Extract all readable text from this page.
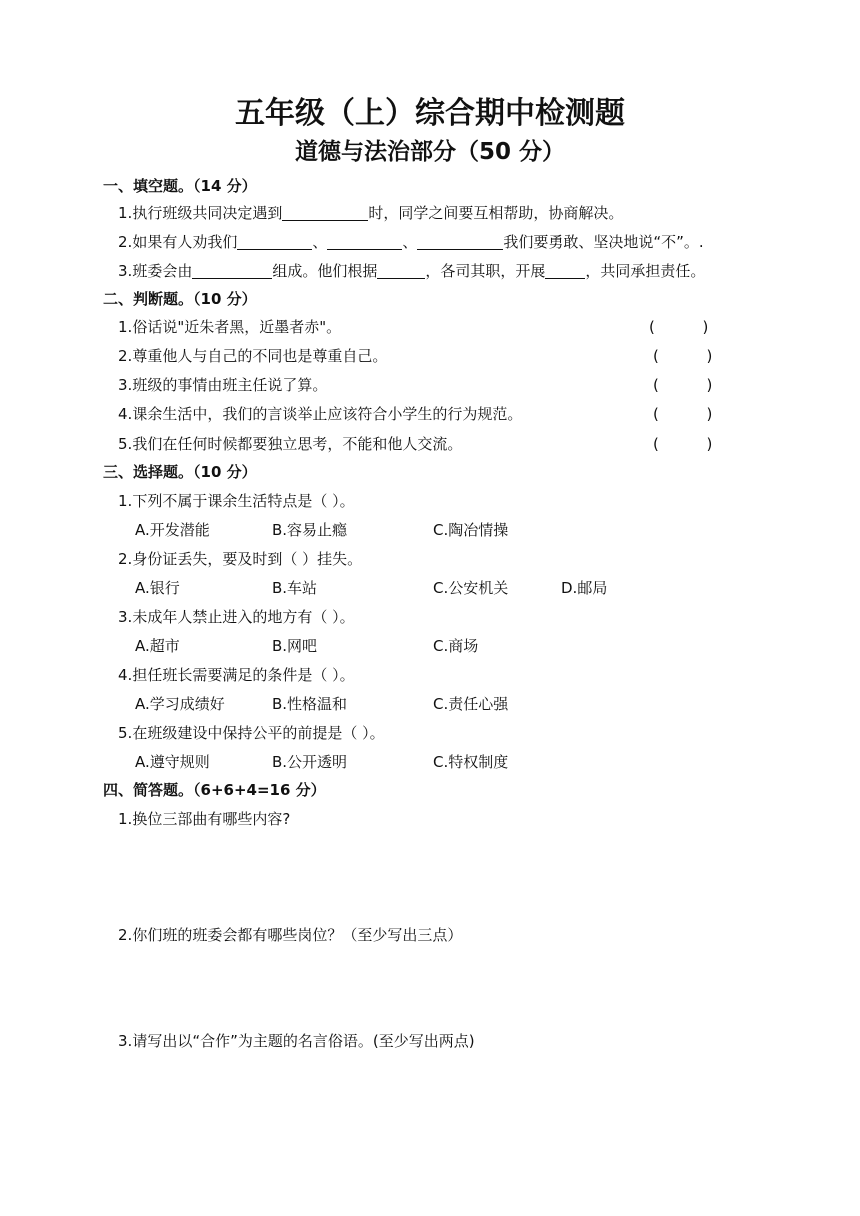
五年级（上）综合期中检测题
道德与法治部分（50 分）
一、填空题。（14 分）
1.执行班级共同决定遇到	时，同学之间要互相帮助，协商解决。
2.如果有人劝我们	、	、	我们要勇敢、坚决地说“不”。.
3.班委会由	组成。他们根据	，各司其职，开展	，共同承担责任。
二、判断题。（10 分）
1.俗话说"近朱者黑，近墨者赤"。	(          )
2.尊重他人与自己的不同也是尊重自己。	(          )
3.班级的事情由班主任说了算。	(          )
4.课余生活中，我们的言谈举止应该符合小学生的行为规范。	(          )
5.我们在任何时候都要独立思考，不能和他人交流。	(          )
三、选择题。（10 分）
1.下列不属于课余生活特点是（ ）。
A.开发潜能	B.容易止瘾	C.陶冶情操
2.身份证丢失，要及时到（ ）挂失。
A.银行	B.车站	C.公安机关	D.邮局
3.未成年人禁止进入的地方有（ ）。
A.超市	B.网吧	C.商场
4.担任班长需要满足的条件是（ ）。
A.学习成绩好	B.性格温和	C.责任心强
5.在班级建设中保持公平的前提是（ ）。
A.遵守规则	B.公开透明	C.特权制度
四、简答题。（6+6+4=16 分）
1.换位三部曲有哪些内容?
2.你们班的班委会都有哪些岗位？（至少写出三点）
3.请写出以“合作”为主题的名言俗语。(至少写出两点)
